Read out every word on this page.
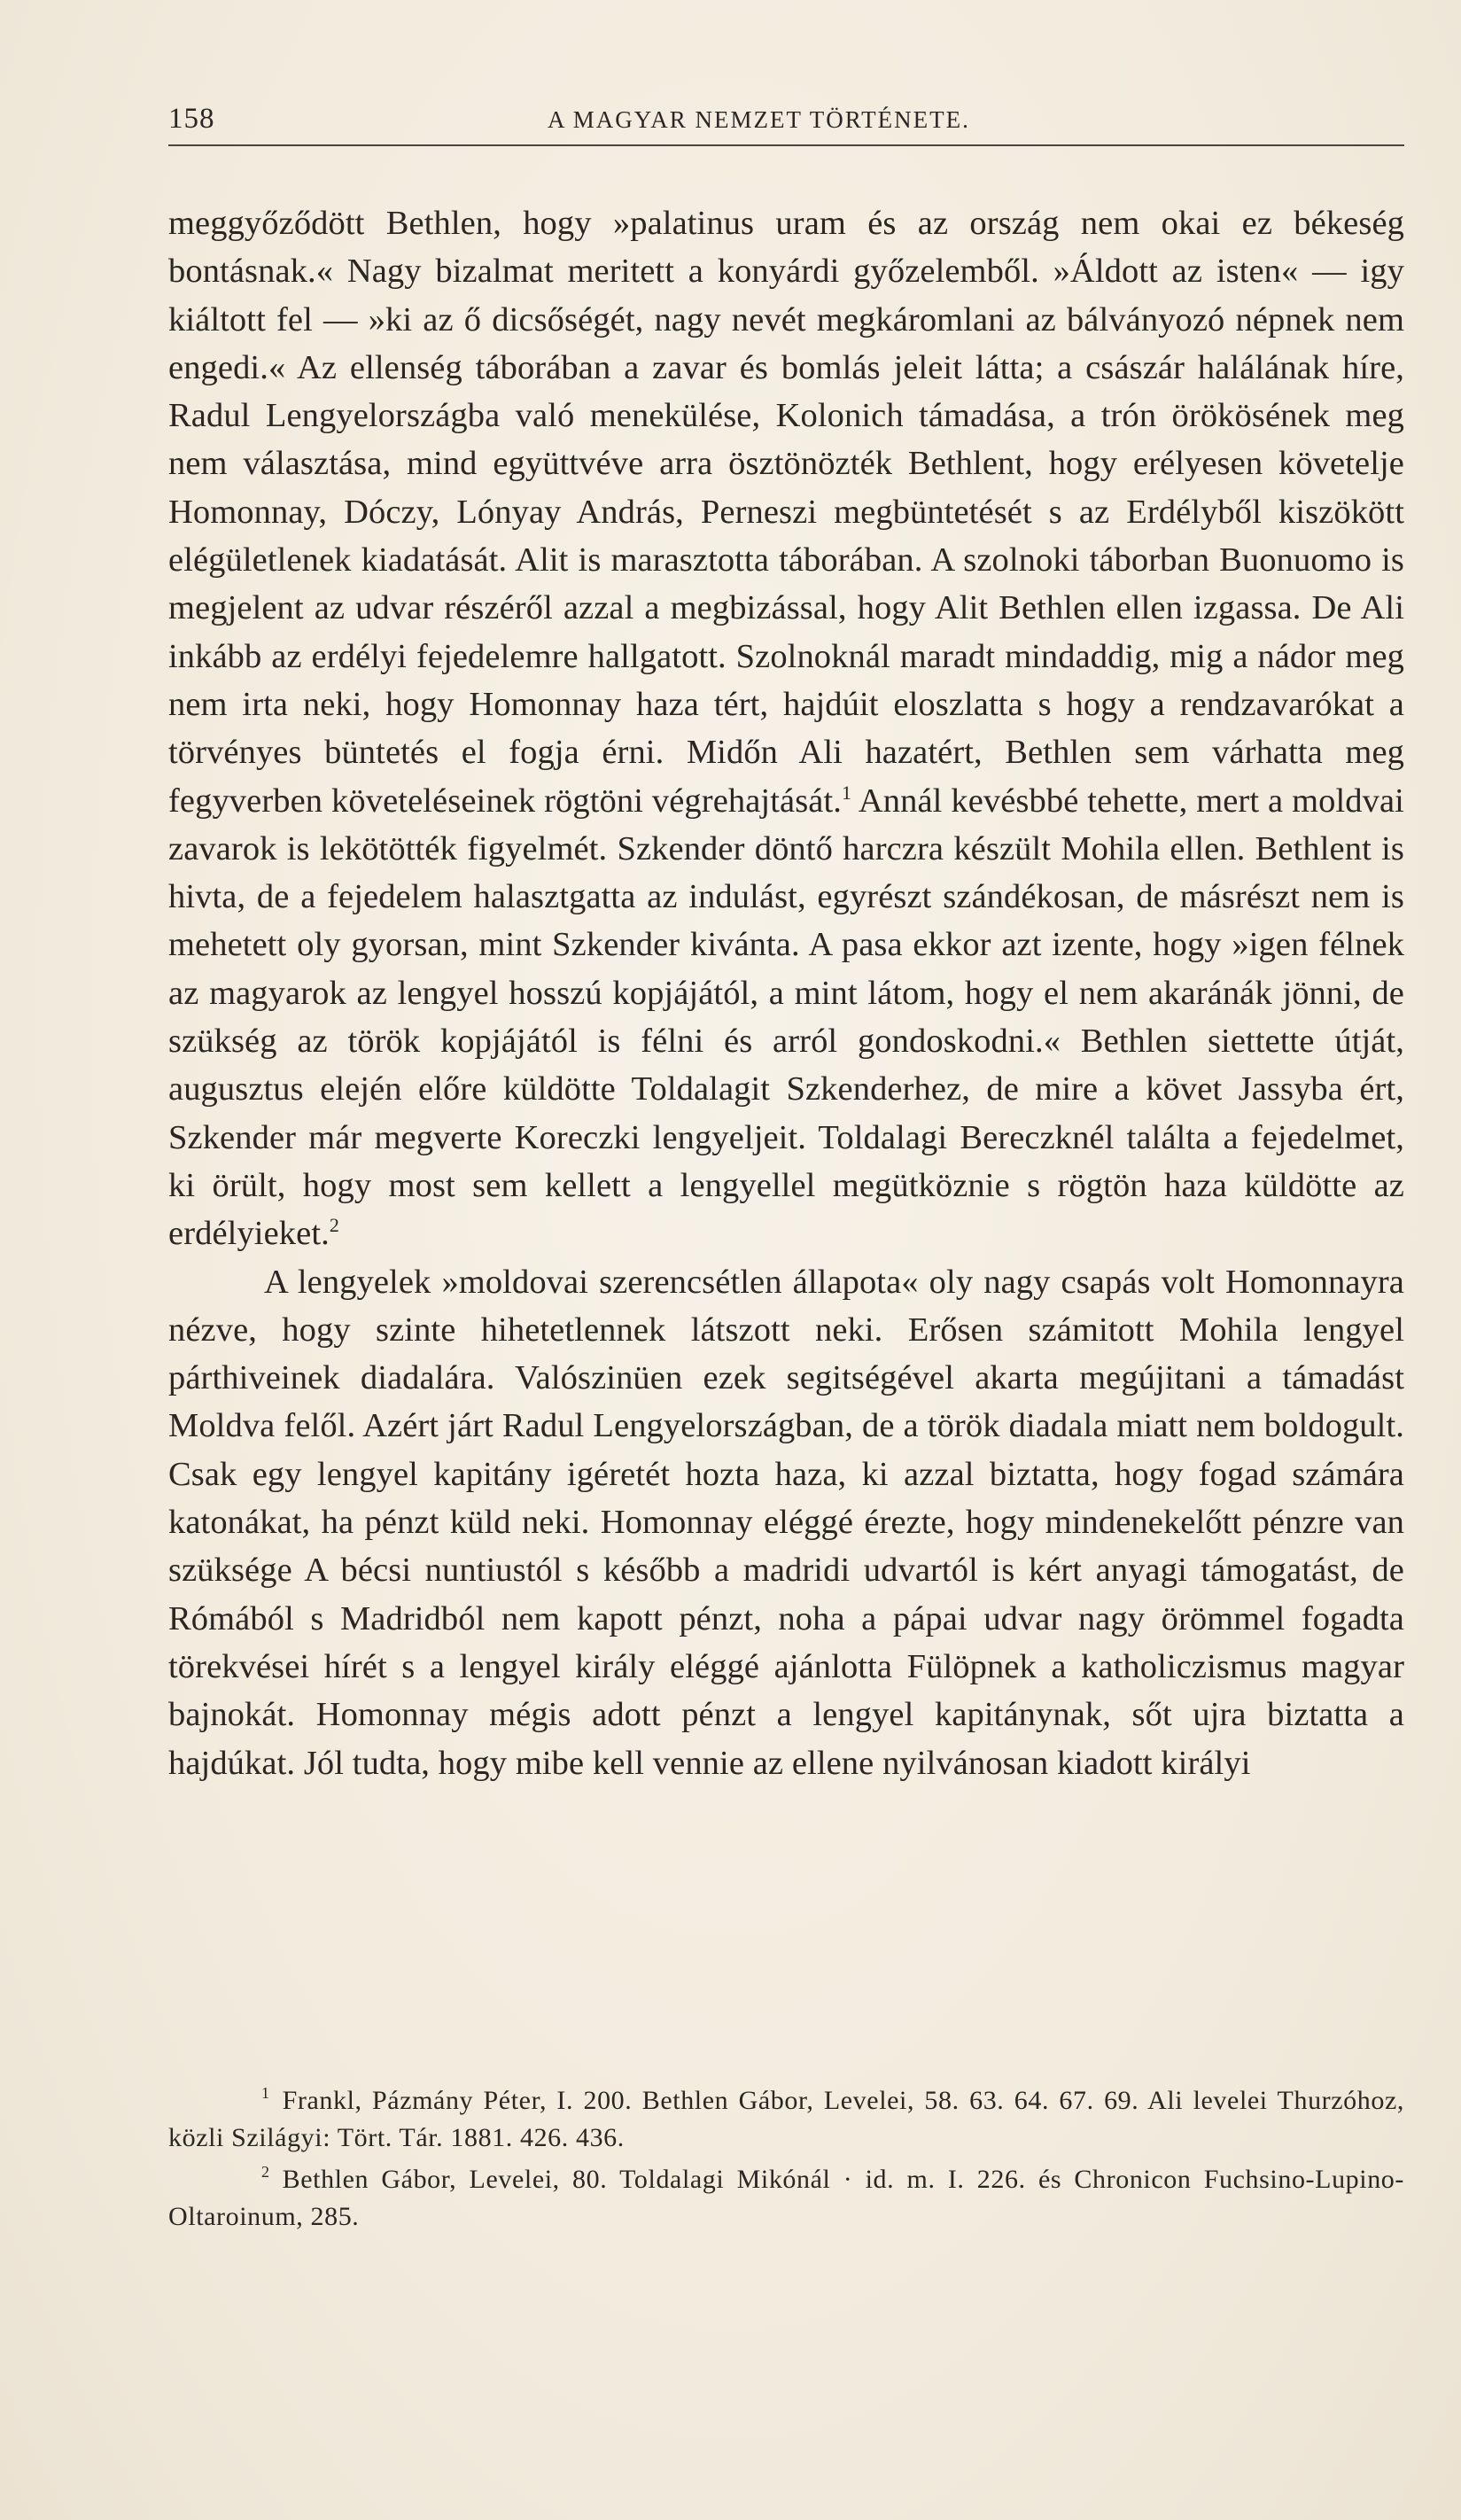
158	A MAGYAR NEMZET TÖRTÉNETE.

meggyőződött Bethlen, hogy »palatinus uram és az ország nem okai ez békeség bontásnak.« Nagy bizalmat meritett a konyárdi győzelemből. »Áldott az isten« — igy kiáltott fel — »ki az ő dicsőségét, nagy nevét megkáromlani az bálványozó népnek nem engedi.« Az ellenség táborában a zavar és bomlás jeleit látta; a császár halálának híre, Radul Lengyelországba való menekülése, Kolonich támadása, a trón örökösének meg nem választása, mind együttvéve arra ösztönözték Bethlent, hogy erélyesen követelje Homonnay, Dóczy, Lónyay András, Perneszi megbüntetését s az Erdélyből kiszökött elégületlenek kiadatását. Alit is marasztotta táborában. A szolnoki táborban Buonuomo is megjelent az udvar részéről azzal a megbizással, hogy Alit Bethlen ellen izgassa. De Ali inkább az erdélyi fejedelemre hallgatott. Szolnoknál maradt mindaddig, mig a nádor meg nem irta neki, hogy Homonnay haza tért, hajdúit eloszlatta s hogy a rendzavarókat a törvényes büntetés el fogja érni. Midőn Ali hazatért, Bethlen sem várhatta meg fegyverben követeléseinek rögtöni végrehajtását.$^1$ Annál kevésbbé tehette, mert a moldvai zavarok is lekötötték figyelmét. Szkender döntő harczra készült Mohila ellen. Bethlent is hivta, de a fejedelem halasztgatta az indulást, egyrészt szándékosan, de másrészt nem is mehetett oly gyorsan, mint Szkender kivánta. A pasa ekkor azt izente, hogy »igen félnek az magyarok az lengyel hosszú kopjájától, a mint látom, hogy el nem akaránák jönni, de szükség az török kopjájától is félni és arról gondoskodni.« Bethlen siettette útját, augusztus elején előre küldötte Toldalagit Szkenderhez, de mire a követ Jassyba ért, Szkender már megverte Koreczki lengyeljeit. Toldalagi Bereczknél találta a fejedelmet, ki örült, hogy most sem kellett a lengyellel megütköznie s rögtön haza küldötte az erdélyieket.$^2$

A lengyelek »moldovai szerencsétlen állapota« oly nagy csapás volt Homonnayra nézve, hogy szinte hihetetlennek látszott neki. Erősen számitott Mohila lengyel párthiveinek diadalára. Valószinüen ezek segitségével akarta megújitani a támadást Moldva felől. Azért járt Radul Lengyelországban, de a török diadala miatt nem boldogult. Csak egy lengyel kapitány igéretét hozta haza, ki azzal biztatta, hogy fogad számára katonákat, ha pénzt küld neki. Homonnay eléggé érezte, hogy mindenekelőtt pénzre van szüksége A bécsi nuntiustól s később a madridi udvartól is kért anyagi támogatást, de Rómából s Madridból nem kapott pénzt, noha a pápai udvar nagy örömmel fogadta törekvései hírét s a lengyel király eléggé ajánlotta Fülöpnek a katholiczismus magyar bajnokát. Homonnay mégis adott pénzt a lengyel kapitánynak, sőt ujra biztatta a hajdúkat. Jól tudta, hogy mibe kell vennie az ellene nyilvánosan kiadott királyi

$^1$ Frankl, Pázmány Péter, I. 200. Bethlen Gábor, Levelei, 58. 63. 64. 67. 69. Ali levelei Thurzóhoz, közli Szilágyi: Tört. Tár. 1881. 426. 436.

$^2$ Bethlen Gábor, Levelei, 80. Toldalagi Mikónál · id. m. I. 226. és Chronicon Fuchsino-Lupino-Oltaroinum, 285.
